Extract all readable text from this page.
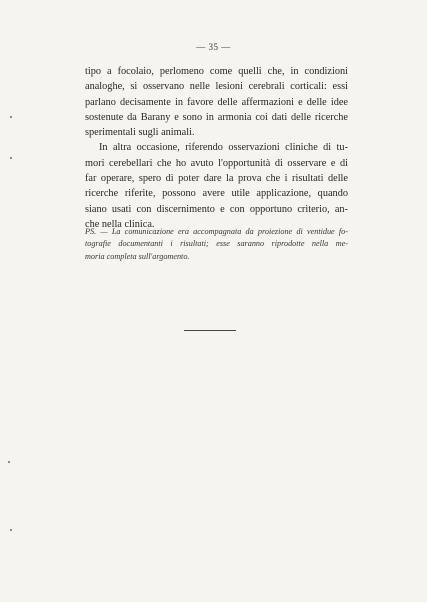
— 35 —

tipo a focolaio, perlomeno come quelli che, in condizioni
analoghe, si osservano nelle lesioni cerebrali corticali: essi
parlano decisamente in favore delle affermazioni e delle idee
sostenute da Barany e sono in armonia coi dati delle ricerche
sperimentali sugli animali.

In altra occasione, riferendo osservazioni cliniche di tu-
mori cerebellari che ho avuto l'opportunità di osservare e di
far operare, spero di poter dare la prova che i risultati delle
ricerche riferite, possono avere utile applicazione, quando
siano usati con discernimento e con opportuno criterio, an-
che nella clinica.

PS. — La comunicazione era accompagnata da proiezione di ventidue fo-
tografie documentanti i risultati; esse saranno riprodotte nella me-
moria completa sull'argomento.
